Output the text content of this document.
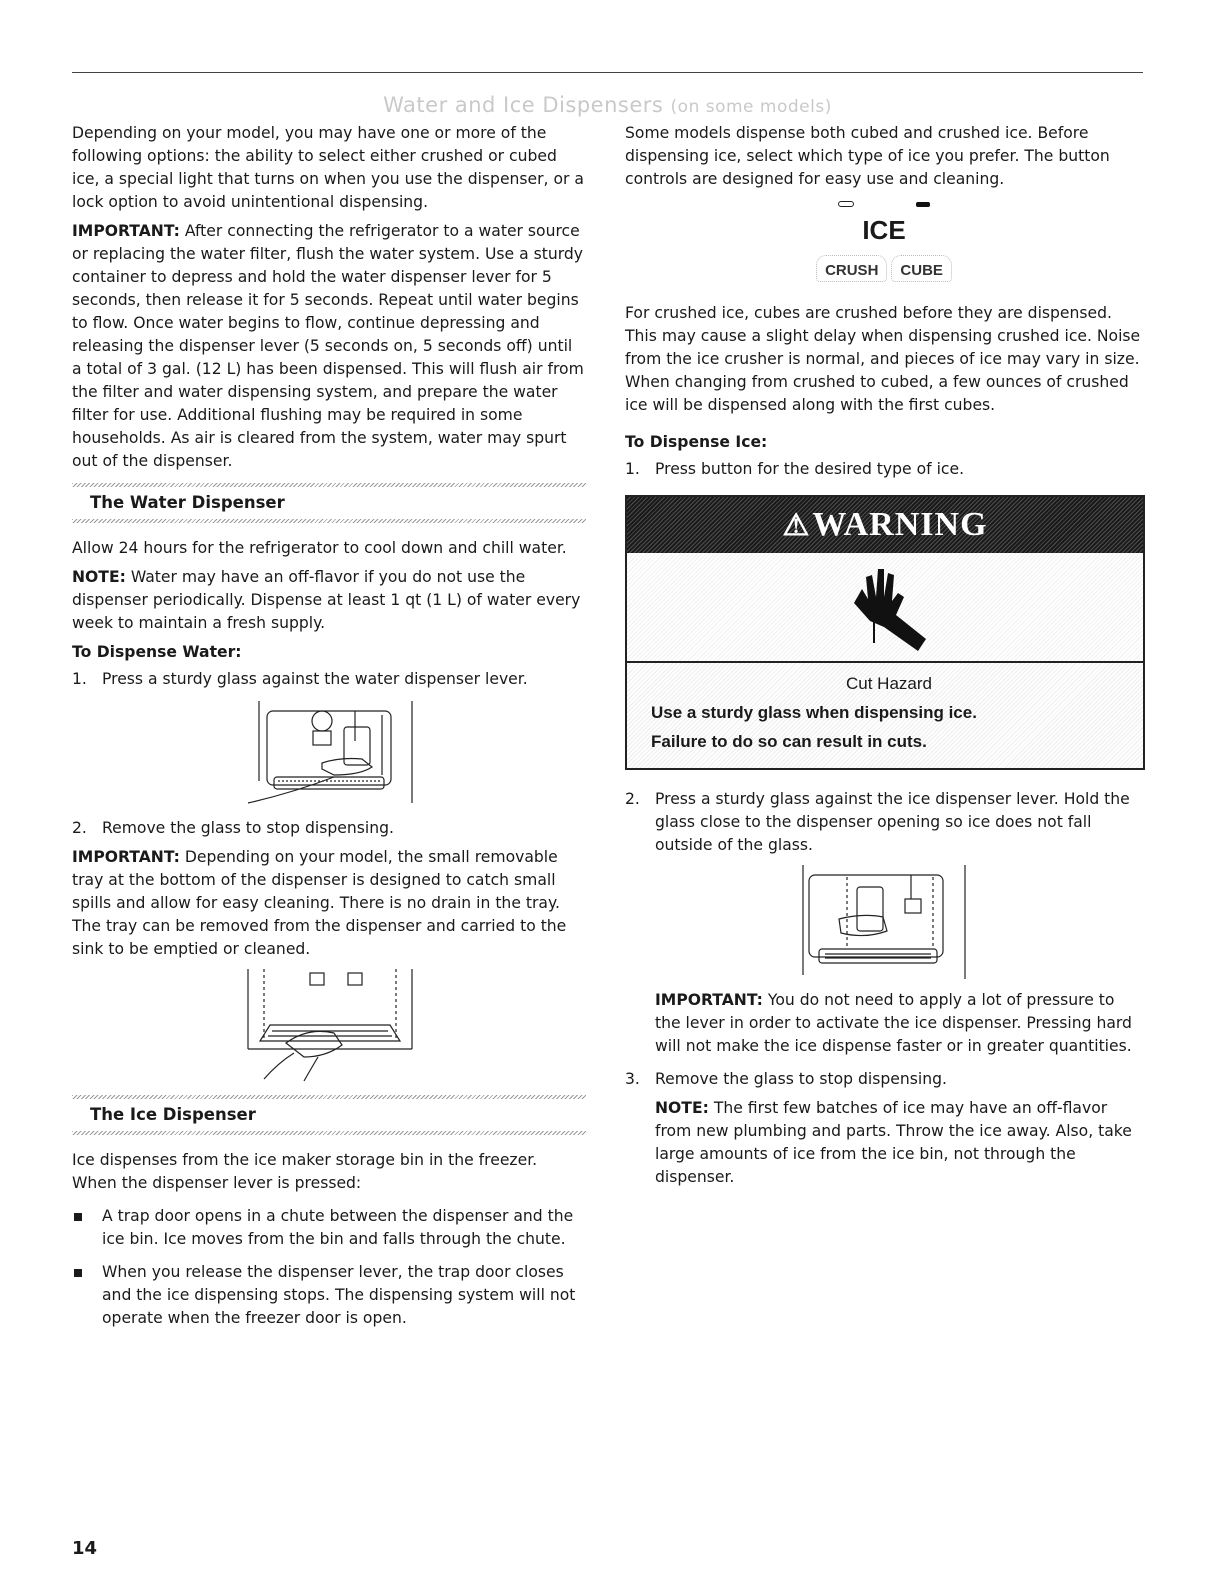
Water and Ice Dispensers (on some models)

Depending on your model, you may have one or more of the following options: the ability to select either crushed or cubed ice, a special light that turns on when you use the dispenser, or a lock option to avoid unintentional dispensing.

IMPORTANT: After connecting the refrigerator to a water source or replacing the water filter, flush the water system. Use a sturdy container to depress and hold the water dispenser lever for 5 seconds, then release it for 5 seconds. Repeat until water begins to flow. Once water begins to flow, continue depressing and releasing the dispenser lever (5 seconds on, 5 seconds off) until a total of 3 gal. (12 L) has been dispensed. This will flush air from the filter and water dispensing system, and prepare the water filter for use. Additional flushing may be required in some households. As air is cleared from the system, water may spurt out of the dispenser.

The Water Dispenser

Allow 24 hours for the refrigerator to cool down and chill water.

NOTE: Water may have an off-flavor if you do not use the dispenser periodically. Dispense at least 1 qt (1 L) of water every week to maintain a fresh supply.

To Dispense Water:
1. Press a sturdy glass against the water dispenser lever.
2. Remove the glass to stop dispensing.

IMPORTANT: Depending on your model, the small removable tray at the bottom of the dispenser is designed to catch small spills and allow for easy cleaning. There is no drain in the tray. The tray can be removed from the dispenser and carried to the sink to be emptied or cleaned.

The Ice Dispenser

Ice dispenses from the ice maker storage bin in the freezer. When the dispenser lever is pressed:

A trap door opens in a chute between the dispenser and the ice bin. Ice moves from the bin and falls through the chute.
When you release the dispenser lever, the trap door closes and the ice dispensing stops. The dispensing system will not operate when the freezer door is open.

Some models dispense both cubed and crushed ice. Before dispensing ice, select which type of ice you prefer. The button controls are designed for easy use and cleaning.

ICE
CRUSH	CUBE

For crushed ice, cubes are crushed before they are dispensed. This may cause a slight delay when dispensing crushed ice. Noise from the ice crusher is normal, and pieces of ice may vary in size. When changing from crushed to cubed, a few ounces of crushed ice will be dispensed along with the first cubes.

To Dispense Ice:
1. Press button for the desired type of ice.
⚠ WARNING
Cut Hazard
Use a sturdy glass when dispensing ice.
Failure to do so can result in cuts.
2. Press a sturdy glass against the ice dispenser lever. Hold the glass close to the dispenser opening so ice does not fall outside of the glass.

IMPORTANT: You do not need to apply a lot of pressure to the lever in order to activate the ice dispenser. Pressing hard will not make the ice dispense faster or in greater quantities.

3. Remove the glass to stop dispensing.

NOTE: The first few batches of ice may have an off-flavor from new plumbing and parts. Throw the ice away. Also, take large amounts of ice from the ice bin, not through the dispenser.

14
